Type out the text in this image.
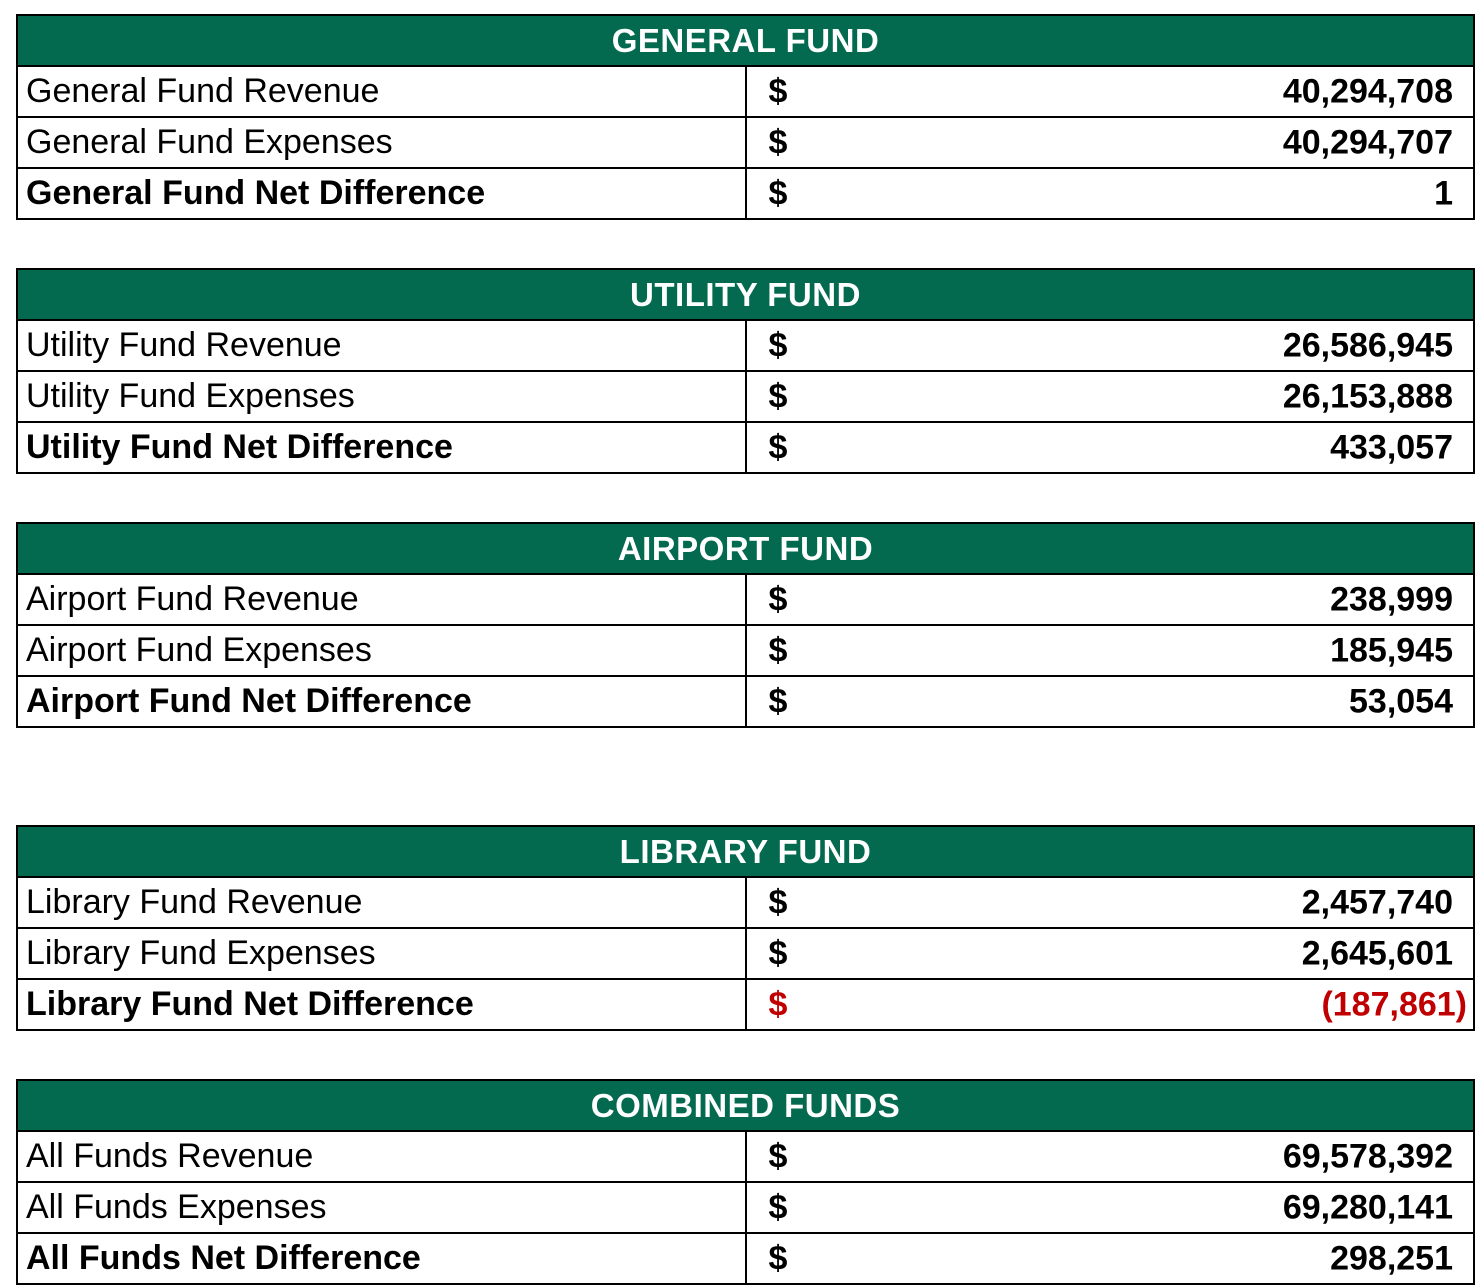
GENERAL FUND	
General Fund Revenue	$ 40,294,708

General Fund Expenses	$ 40,294,707

General Fund Net Difference	$ 1
UTILITY FUND	
Utility Fund Revenue	$ 26,586,945

Utility Fund Expenses	$ 26,153,888

Utility Fund Net Difference	$ 433,057
AIRPORT FUND	
Airport Fund Revenue	$ 238,999

Airport Fund Expenses	$ 185,945

Airport Fund Net Difference	$ 53,054
LIBRARY FUND	
Library Fund Revenue	$ 2,457,740

Library Fund Expenses	$ 2,645,601

Library Fund Net Difference	$ (187,861)
COMBINED FUNDS	
All Funds Revenue	$ 69,578,392

All Funds Expenses	$ 69,280,141

All Funds Net Difference	$ 298,251
